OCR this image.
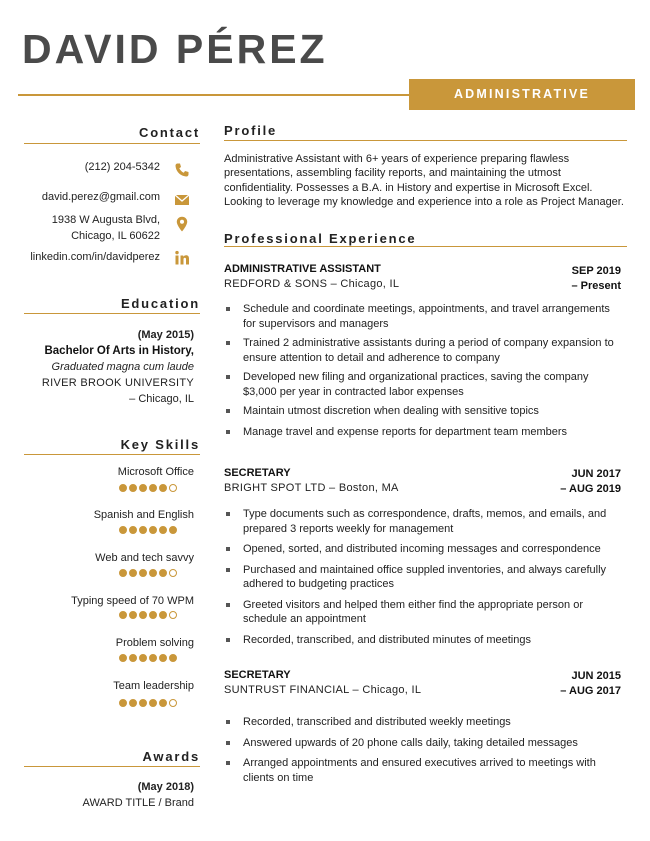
DAVID PÉREZ
ADMINISTRATIVE ASSISTANT
Contact
(212) 204-5342
david.perez@gmail.com
1938 W Augusta Blvd,
Chicago, IL 60622
linkedin.com/in/davidperez
Education
(May 2015)
Bachelor Of Arts in History,
Graduated magna cum laude
RIVER BROOK UNIVERSITY
– Chicago, IL
Key Skills
Microsoft Office
Spanish and English
Web and tech savvy
Typing speed of 70 WPM
Problem solving
Team leadership
Awards
(May 2018)
AWARD TITLE / Brand
Profile
Administrative Assistant with 6+ years of experience preparing flawless presentations, assembling facility reports, and maintaining the utmost confidentiality. Possesses a B.A. in History and expertise in Microsoft Excel. Looking to leverage my knowledge and experience into a role as Project Manager.
Professional Experience
ADMINISTRATIVE ASSISTANT
REDFORD & SONS – Chicago, IL
SEP 2019
– Present
Schedule and coordinate meetings, appointments, and travel arrangements for supervisors and managers
Trained 2 administrative assistants during a period of company expansion to ensure attention to detail and adherence to company
Developed new filing and organizational practices, saving the company $3,000 per year in contracted labor expenses
Maintain utmost discretion when dealing with sensitive topics
Manage travel and expense reports for department team members
SECRETARY
BRIGHT SPOT LTD – Boston, MA
JUN 2017
– AUG 2019
Type documents such as correspondence, drafts, memos, and emails, and prepared 3 reports weekly for management
Opened, sorted, and distributed incoming messages and correspondence
Purchased and maintained office suppled inventories, and always carefully adhered to budgeting practices
Greeted visitors and helped them either find the appropriate person or schedule an appointment
Recorded, transcribed, and distributed minutes of meetings
SECRETARY
SUNTRUST FINANCIAL – Chicago, IL
JUN 2015
– AUG 2017
Recorded, transcribed and distributed weekly meetings
Answered upwards of 20 phone calls daily, taking detailed messages
Arranged appointments and ensured executives arrived to meetings with clients on time
